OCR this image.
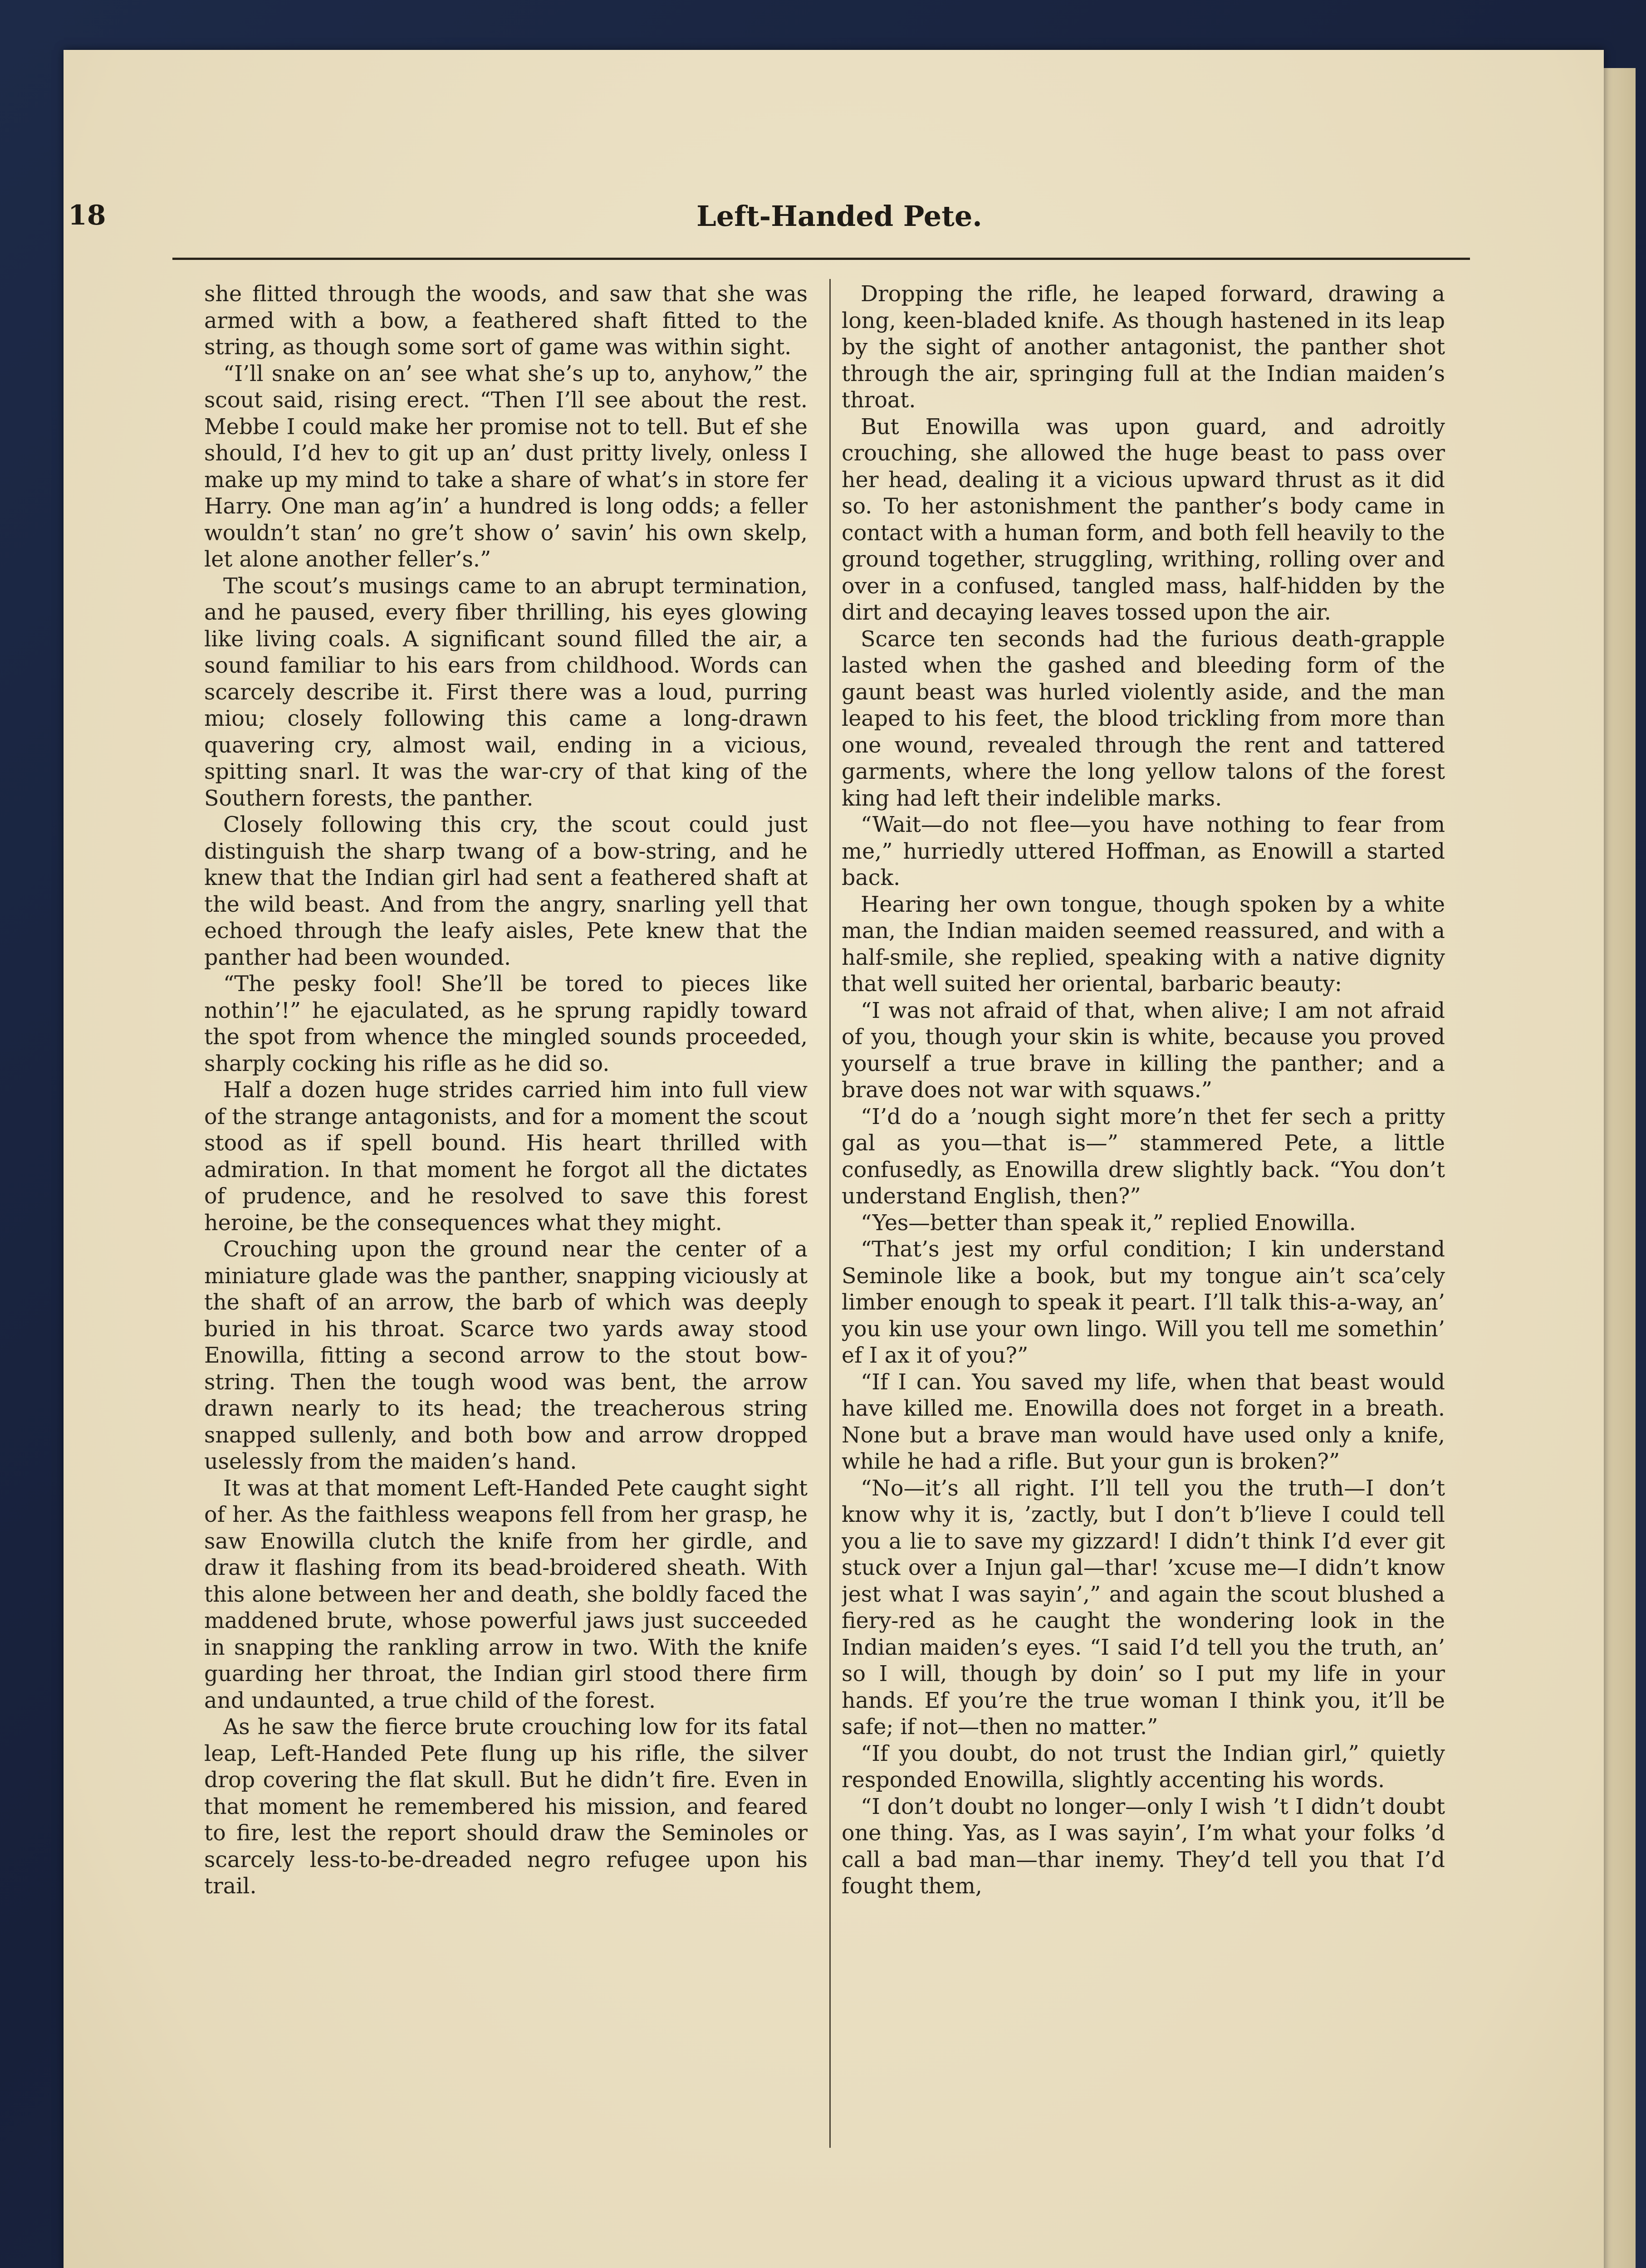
18	Left-Handed Pete.

she flitted through the woods, and saw that she was armed with a bow, a feathered shaft fitted to the string, as though some sort of game was within sight.

“I’ll snake on an’ see what she’s up to, anyhow,” the scout said, rising erect. “Then I’ll see about the rest. Mebbe I could make her promise not to tell. But ef she should, I’d hev to git up an’ dust pritty lively, onless I make up my mind to take a share of what’s in store fer Harry. One man ag’in’ a hundred is long odds; a feller wouldn’t stan’ no gre’t show o’ savin’ his own skelp, let alone another feller’s.”

The scout’s musings came to an abrupt termination, and he paused, every fiber thrilling, his eyes glowing like living coals. A significant sound filled the air, a sound familiar to his ears from childhood. Words can scarcely describe it. First there was a loud, purring miou; closely following this came a long-drawn quavering cry, almost wail, ending in a vicious, spitting snarl. It was the war-cry of that king of the Southern forests, the panther.

Closely following this cry, the scout could just distinguish the sharp twang of a bow-string, and he knew that the Indian girl had sent a feathered shaft at the wild beast. And from the angry, snarling yell that echoed through the leafy aisles, Pete knew that the panther had been wounded.

“The pesky fool! She’ll be tored to pieces like nothin’!” he ejaculated, as he sprung rapidly toward the spot from whence the mingled sounds proceeded, sharply cocking his rifle as he did so.

Half a dozen huge strides carried him into full view of the strange antagonists, and for a moment the scout stood as if spell bound. His heart thrilled with admiration. In that moment he forgot all the dictates of prudence, and he resolved to save this forest heroine, be the consequences what they might.

Crouching upon the ground near the center of a miniature glade was the panther, snapping viciously at the shaft of an arrow, the barb of which was deeply buried in his throat. Scarce two yards away stood Enowilla, fitting a second arrow to the stout bow-string. Then the tough wood was bent, the arrow drawn nearly to its head; the treacherous string snapped sullenly, and both bow and arrow dropped uselessly from the maiden’s hand.

It was at that moment Left-Handed Pete caught sight of her. As the faithless weapons fell from her grasp, he saw Enowilla clutch the knife from her girdle, and draw it flashing from its bead-broidered sheath. With this alone between her and death, she boldly faced the maddened brute, whose powerful jaws just succeeded in snapping the rankling arrow in two. With the knife guarding her throat, the Indian girl stood there firm and undaunted, a true child of the forest.

As he saw the fierce brute crouching low for its fatal leap, Left-Handed Pete flung up his rifle, the silver drop covering the flat skull. But he didn’t fire. Even in that moment he remembered his mission, and feared to fire, lest the report should draw the Seminoles or scarcely less-to-be-dreaded negro refugee upon his trail.

Dropping the rifle, he leaped forward, drawing a long, keen-bladed knife. As though hastened in its leap by the sight of another antagonist, the panther shot through the air, springing full at the Indian maiden’s throat.

But Enowilla was upon guard, and adroitly crouching, she allowed the huge beast to pass over her head, dealing it a vicious upward thrust as it did so. To her astonishment the panther’s body came in contact with a human form, and both fell heavily to the ground together, struggling, writhing, rolling over and over in a confused, tangled mass, half-hidden by the dirt and decaying leaves tossed upon the air.

Scarce ten seconds had the furious death-grapple lasted when the gashed and bleeding form of the gaunt beast was hurled violently aside, and the man leaped to his feet, the blood trickling from more than one wound, revealed through the rent and tattered garments, where the long yellow talons of the forest king had left their indelible marks.

“Wait—do not flee—you have nothing to fear from me,” hurriedly uttered Hoffman, as Enowill a started back.

Hearing her own tongue, though spoken by a white man, the Indian maiden seemed reassured, and with a half-smile, she replied, speaking with a native dignity that well suited her oriental, barbaric beauty:

“I was not afraid of that, when alive; I am not afraid of you, though your skin is white, because you proved yourself a true brave in killing the panther; and a brave does not war with squaws.”

“I’d do a ’nough sight more’n thet fer sech a pritty gal as you—that is—” stammered Pete, a little confusedly, as Enowilla drew slightly back. “You don’t understand English, then?”

“Yes—better than speak it,” replied Enowilla.

“That’s jest my orful condition; I kin understand Seminole like a book, but my tongue ain’t sca’cely limber enough to speak it peart. I’ll talk this-a-way, an’ you kin use your own lingo. Will you tell me somethin’ ef I ax it of you?”

“If I can. You saved my life, when that beast would have killed me. Enowilla does not forget in a breath. None but a brave man would have used only a knife, while he had a rifle. But your gun is broken?”

“No—it’s all right. I’ll tell you the truth—I don’t know why it is, ’zactly, but I don’t b’lieve I could tell you a lie to save my gizzard! I didn’t think I’d ever git stuck over a Injun gal—thar! ’xcuse me—I didn’t know jest what I was sayin’,” and again the scout blushed a fiery-red as he caught the wondering look in the Indian maiden’s eyes. “I said I’d tell you the truth, an’ so I will, though by doin’ so I put my life in your hands. Ef you’re the true woman I think you, it’ll be safe; if not—then no matter.”

“If you doubt, do not trust the Indian girl,” quietly responded Enowilla, slightly accenting his words.

“I don’t doubt no longer—only I wish ’t I didn’t doubt one thing. Yas, as I was sayin’, I’m what your folks ’d call a bad man—thar inemy. They’d tell you that I’d fought them,
